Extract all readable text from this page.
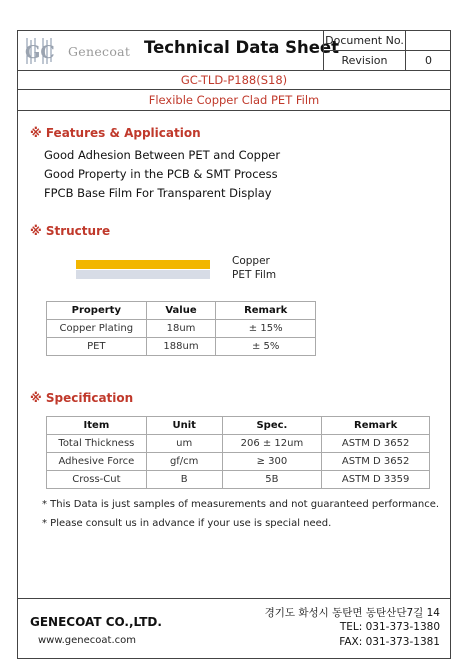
GC Genecoat Technical Data Sheet
Document No.
Revision	0
GC-TLD-P188(S18)
Flexible Copper Clad PET Film
※ Features & Application
Good Adhesion Between PET and Copper
Good Property in the PCB & SMT Process
FPCB Base Film For Transparent Display
※ Structure
Copper
PET Film
Property	Value	Remark
Copper Plating	18um	± 15%
PET	188um	± 5%
※ Specification
Item	Unit	Spec.	Remark
Total Thickness	um	206 ± 12um	ASTM D 3652
Adhesive Force	gf/cm	≥ 300	ASTM D 3652
Cross-Cut	B	5B	ASTM D 3359
* This Data is just samples of measurements and not guaranteed performance.
* Please consult us in advance if your use is special need.
GENECOAT CO.,LTD.
www.genecoat.com
경기도 화성시 동탄면 동탄산단7길 14
TEL: 031-373-1380
FAX: 031-373-1381
